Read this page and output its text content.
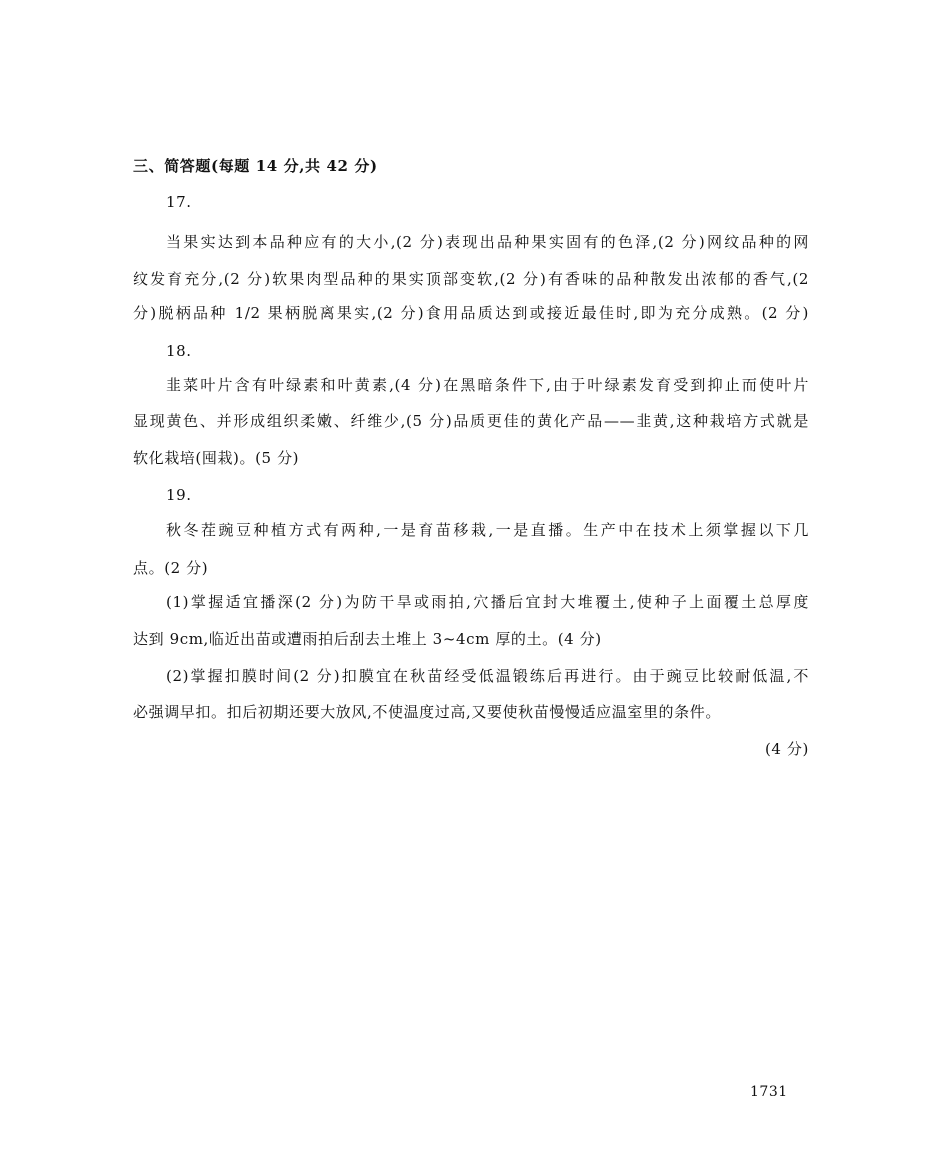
三、简答题(每题 14 分,共 42 分)
17.
当果实达到本品种应有的大小,(2 分)表现出品种果实固有的色泽,(2 分)网纹品种的网
纹发育充分,(2 分)软果肉型品种的果实顶部变软,(2 分)有香味的品种散发出浓郁的香气,(2
分)脱柄品种 1/2 果柄脱离果实,(2 分)食用品质达到或接近最佳时,即为充分成熟。(2 分)
18.
韭菜叶片含有叶绿素和叶黄素,(4 分)在黑暗条件下,由于叶绿素发育受到抑止而使叶片
显现黄色、并形成组织柔嫩、纤维少,(5 分)品质更佳的黄化产品——韭黄,这种栽培方式就是
软化栽培(囤栽)。(5 分)
19.
秋冬茬豌豆种植方式有两种,一是育苗移栽,一是直播。生产中在技术上须掌握以下几
点。(2 分)
(1)掌握适宜播深(2 分)为防干旱或雨拍,穴播后宜封大堆覆土,使种子上面覆土总厚度
达到 9cm,临近出苗或遭雨拍后刮去土堆上 3~4cm 厚的土。(4 分)
(2)掌握扣膜时间(2 分)扣膜宜在秋苗经受低温锻练后再进行。由于豌豆比较耐低温,不
必强调早扣。扣后初期还要大放风,不使温度过高,又要使秋苗慢慢适应温室里的条件。
(4 分)
1731
